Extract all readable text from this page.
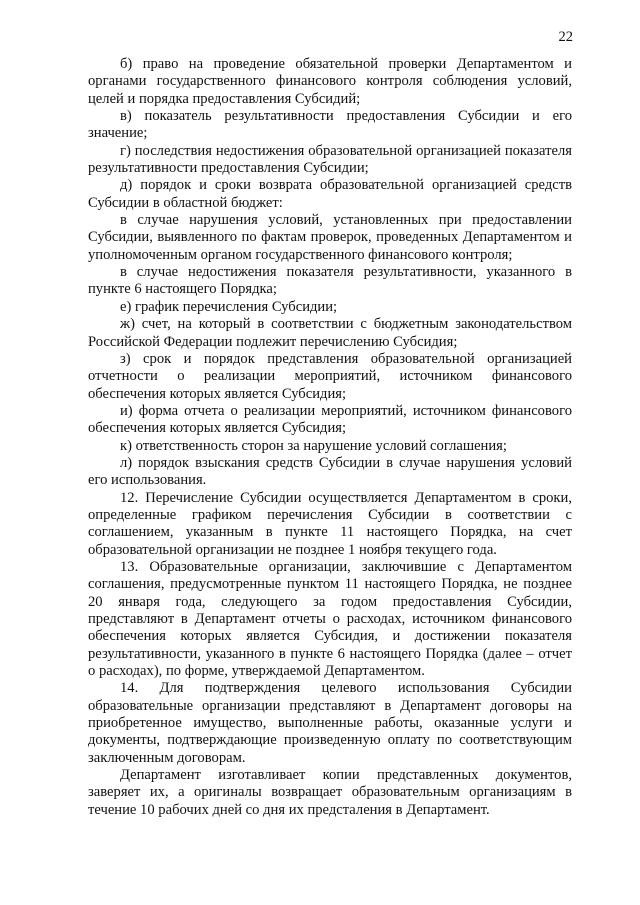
22

б) право на проведение обязательной проверки Департаментом и органами государственного финансового контроля соблюдения условий, целей и порядка предоставления Субсидий;

в) показатель результативности предоставления Субсидии и его значение;

г) последствия недостижения образовательной организацией показателя результативности предоставления Субсидии;

д) порядок и сроки возврата образовательной организацией средств Субсидии в областной бюджет:

в случае нарушения условий, установленных при предоставлении Субсидии, выявленного по фактам проверок, проведенных Департаментом и уполномоченным органом государственного финансового контроля;

в случае недостижения показателя результативности, указанного в пункте 6 настоящего Порядка;

е) график перечисления Субсидии;

ж) счет, на который в соответствии с бюджетным законодательством Российской Федерации подлежит перечислению Субсидия;

з) срок и порядок представления образовательной организацией отчетности о реализации мероприятий, источником финансового обеспечения которых является Субсидия;

и) форма отчета о реализации мероприятий, источником финансового обеспечения которых является Субсидия;

к) ответственность сторон за нарушение условий соглашения;

л) порядок взыскания средств Субсидии в случае нарушения условий его использования.

12. Перечисление Субсидии осуществляется Департаментом в сроки, определенные графиком перечисления Субсидии в соответствии с соглашением, указанным в пункте 11 настоящего Порядка, на счет образовательной организации не позднее 1 ноября текущего года.

13. Образовательные организации, заключившие с Департаментом соглашения, предусмотренные пунктом 11 настоящего Порядка, не позднее 20 января года, следующего за годом предоставления Субсидии, представляют в Департамент отчеты о расходах, источником финансового обеспечения которых является Субсидия, и достижении показателя результативности, указанного в пункте 6 настоящего Порядка (далее – отчет о расходах), по форме, утверждаемой Департаментом.

14. Для подтверждения целевого использования Субсидии образовательные организации представляют в Департамент договоры на приобретенное имущество, выполненные работы, оказанные услуги и документы, подтверждающие произведенную оплату по соответствующим заключенным договорам.

Департамент изготавливает копии представленных документов, заверяет их, а оригиналы возвращает образовательным организациям в течение 10 рабочих дней со дня их предсталения в Департамент.
